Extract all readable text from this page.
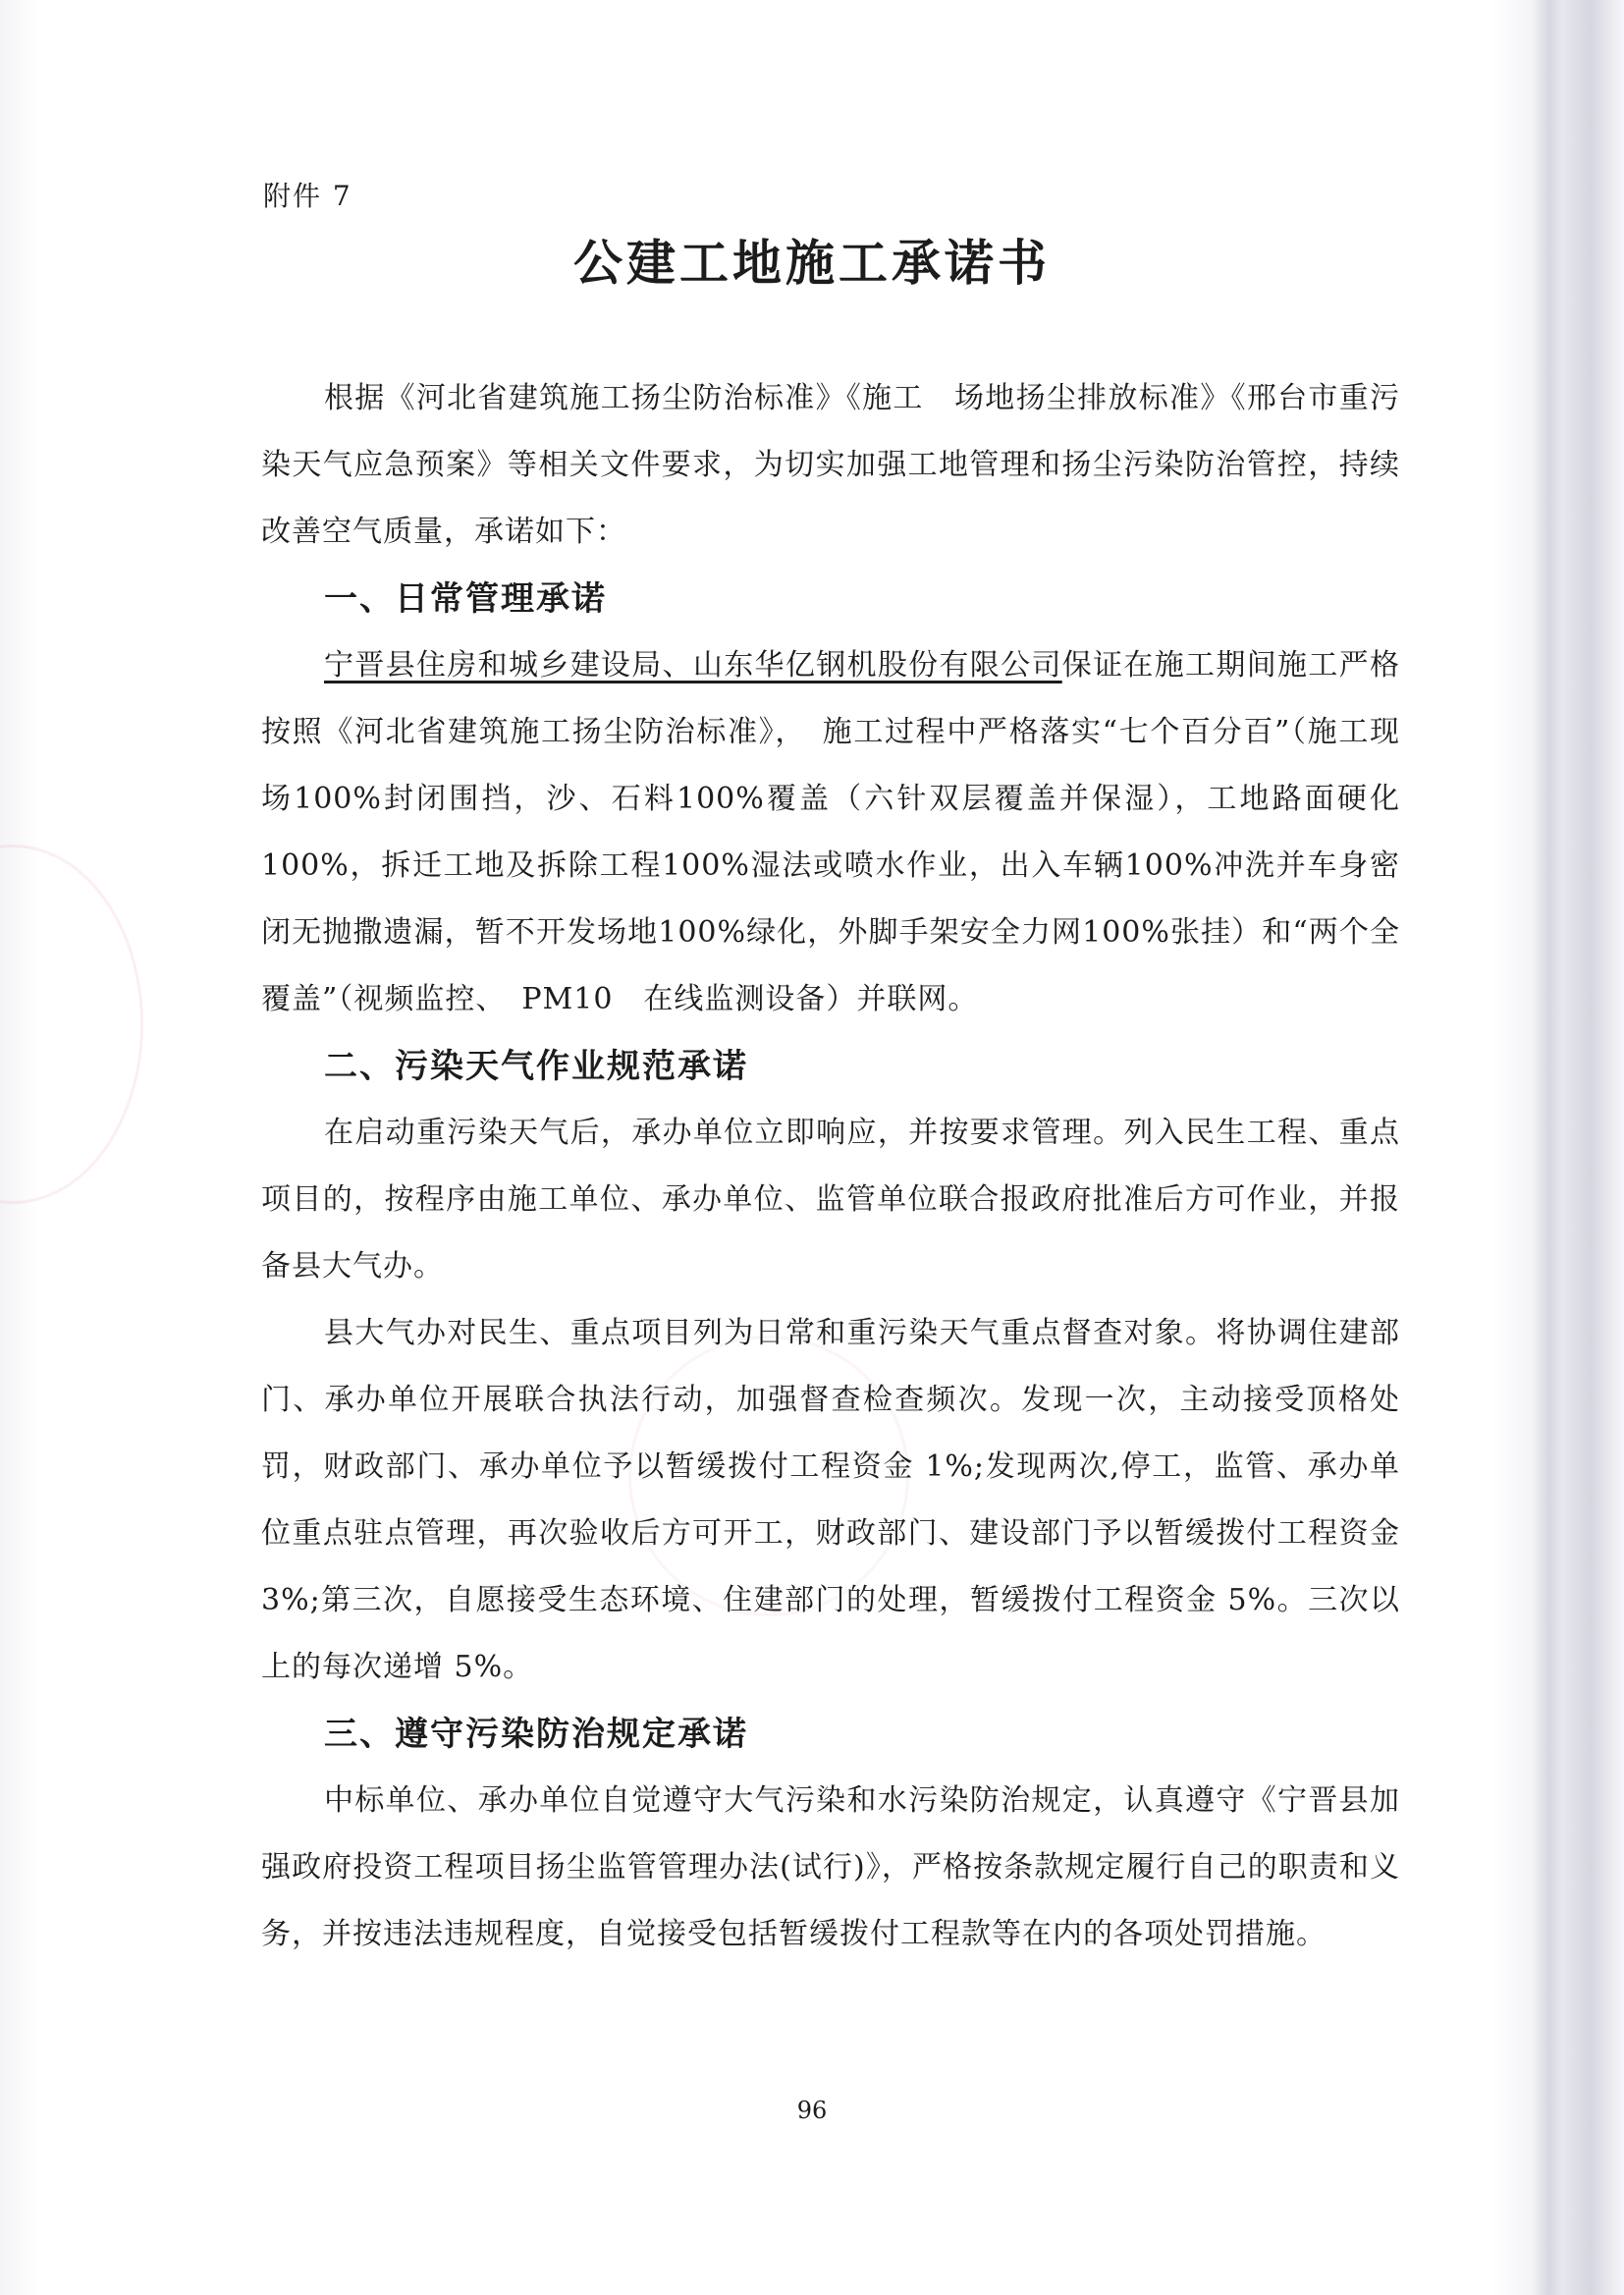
附件 7
公建工地施工承诺书

根据《河北省建筑施工扬尘防治标准》《施工　场地扬尘排放标准》《邢台市重污染天气应急预案》等相关文件要求，为切实加强工地管理和扬尘污染防治管控，持续改善空气质量，承诺如下：

一、日常管理承诺

宁晋县住房和城乡建设局、山东华亿钢机股份有限公司保证在施工期间施工严格按照《河北省建筑施工扬尘防治标准》，　施工过程中严格落实“七个百分百”（施工现场100%封闭围挡，沙、石料100%覆盖（六针双层覆盖并保湿），工地路面硬化100%，拆迁工地及拆除工程100%湿法或喷水作业，出入车辆100%冲洗并车身密闭无抛撒遗漏，暂不开发场地100%绿化，外脚手架安全力网100%张挂）和“两个全覆盖”（视频监控、　PM10　在线监测设备）并联网。

二、污染天气作业规范承诺

在启动重污染天气后，承办单位立即响应，并按要求管理。列入民生工程、重点项目的，按程序由施工单位、承办单位、监管单位联合报政府批准后方可作业，并报备县大气办。

县大气办对民生、重点项目列为日常和重污染天气重点督查对象。将协调住建部门、承办单位开展联合执法行动，加强督查检查频次。发现一次，主动接受顶格处罚，财政部门、承办单位予以暂缓拨付工程资金 1%;发现两次,停工，监管、承办单位重点驻点管理，再次验收后方可开工，财政部门、建设部门予以暂缓拨付工程资金 3%;第三次，自愿接受生态环境、住建部门的处理，暂缓拨付工程资金 5%。三次以上的每次递增 5%。

三、遵守污染防治规定承诺

中标单位、承办单位自觉遵守大气污染和水污染防治规定，认真遵守《宁晋县加强政府投资工程项目扬尘监管管理办法(试行)》，严格按条款规定履行自己的职责和义务，并按违法违规程度，自觉接受包括暂缓拨付工程款等在内的各项处罚措施。

96
